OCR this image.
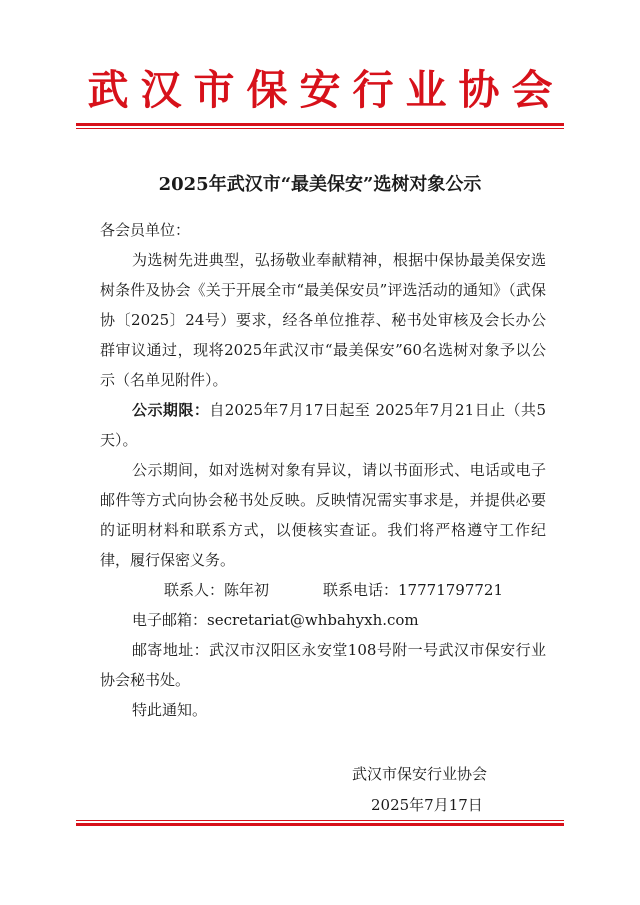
武汉市保安行业协会
2025年武汉市“最美保安”选树对象公示

各会员单位：

为选树先进典型，弘扬敬业奉献精神，根据中保协最美保安选树条件及协会《关于开展全市“最美保安员”评选活动的通知》（武保协〔2025〕24号）要求，经各单位推荐、秘书处审核及会长办公群审议通过，现将2025年武汉市“最美保安”60名选树对象予以公示（名单见附件）。

公示期限：自2025年7月17日起至 2025年7月21日止（共5天）。

公示期间，如对选树对象有异议，请以书面形式、电话或电子邮件等方式向协会秘书处反映。反映情况需实事求是，并提供必要的证明材料和联系方式，以便核实查证。我们将严格遵守工作纪律，履行保密义务。

联系人：陈年初	联系电话：17771797721

电子邮箱：secretariat@whbahyxh.com

邮寄地址：武汉市汉阳区永安堂108号附一号武汉市保安行业协会秘书处。

特此通知。

武汉市保安行业协会
2025年7月17日
